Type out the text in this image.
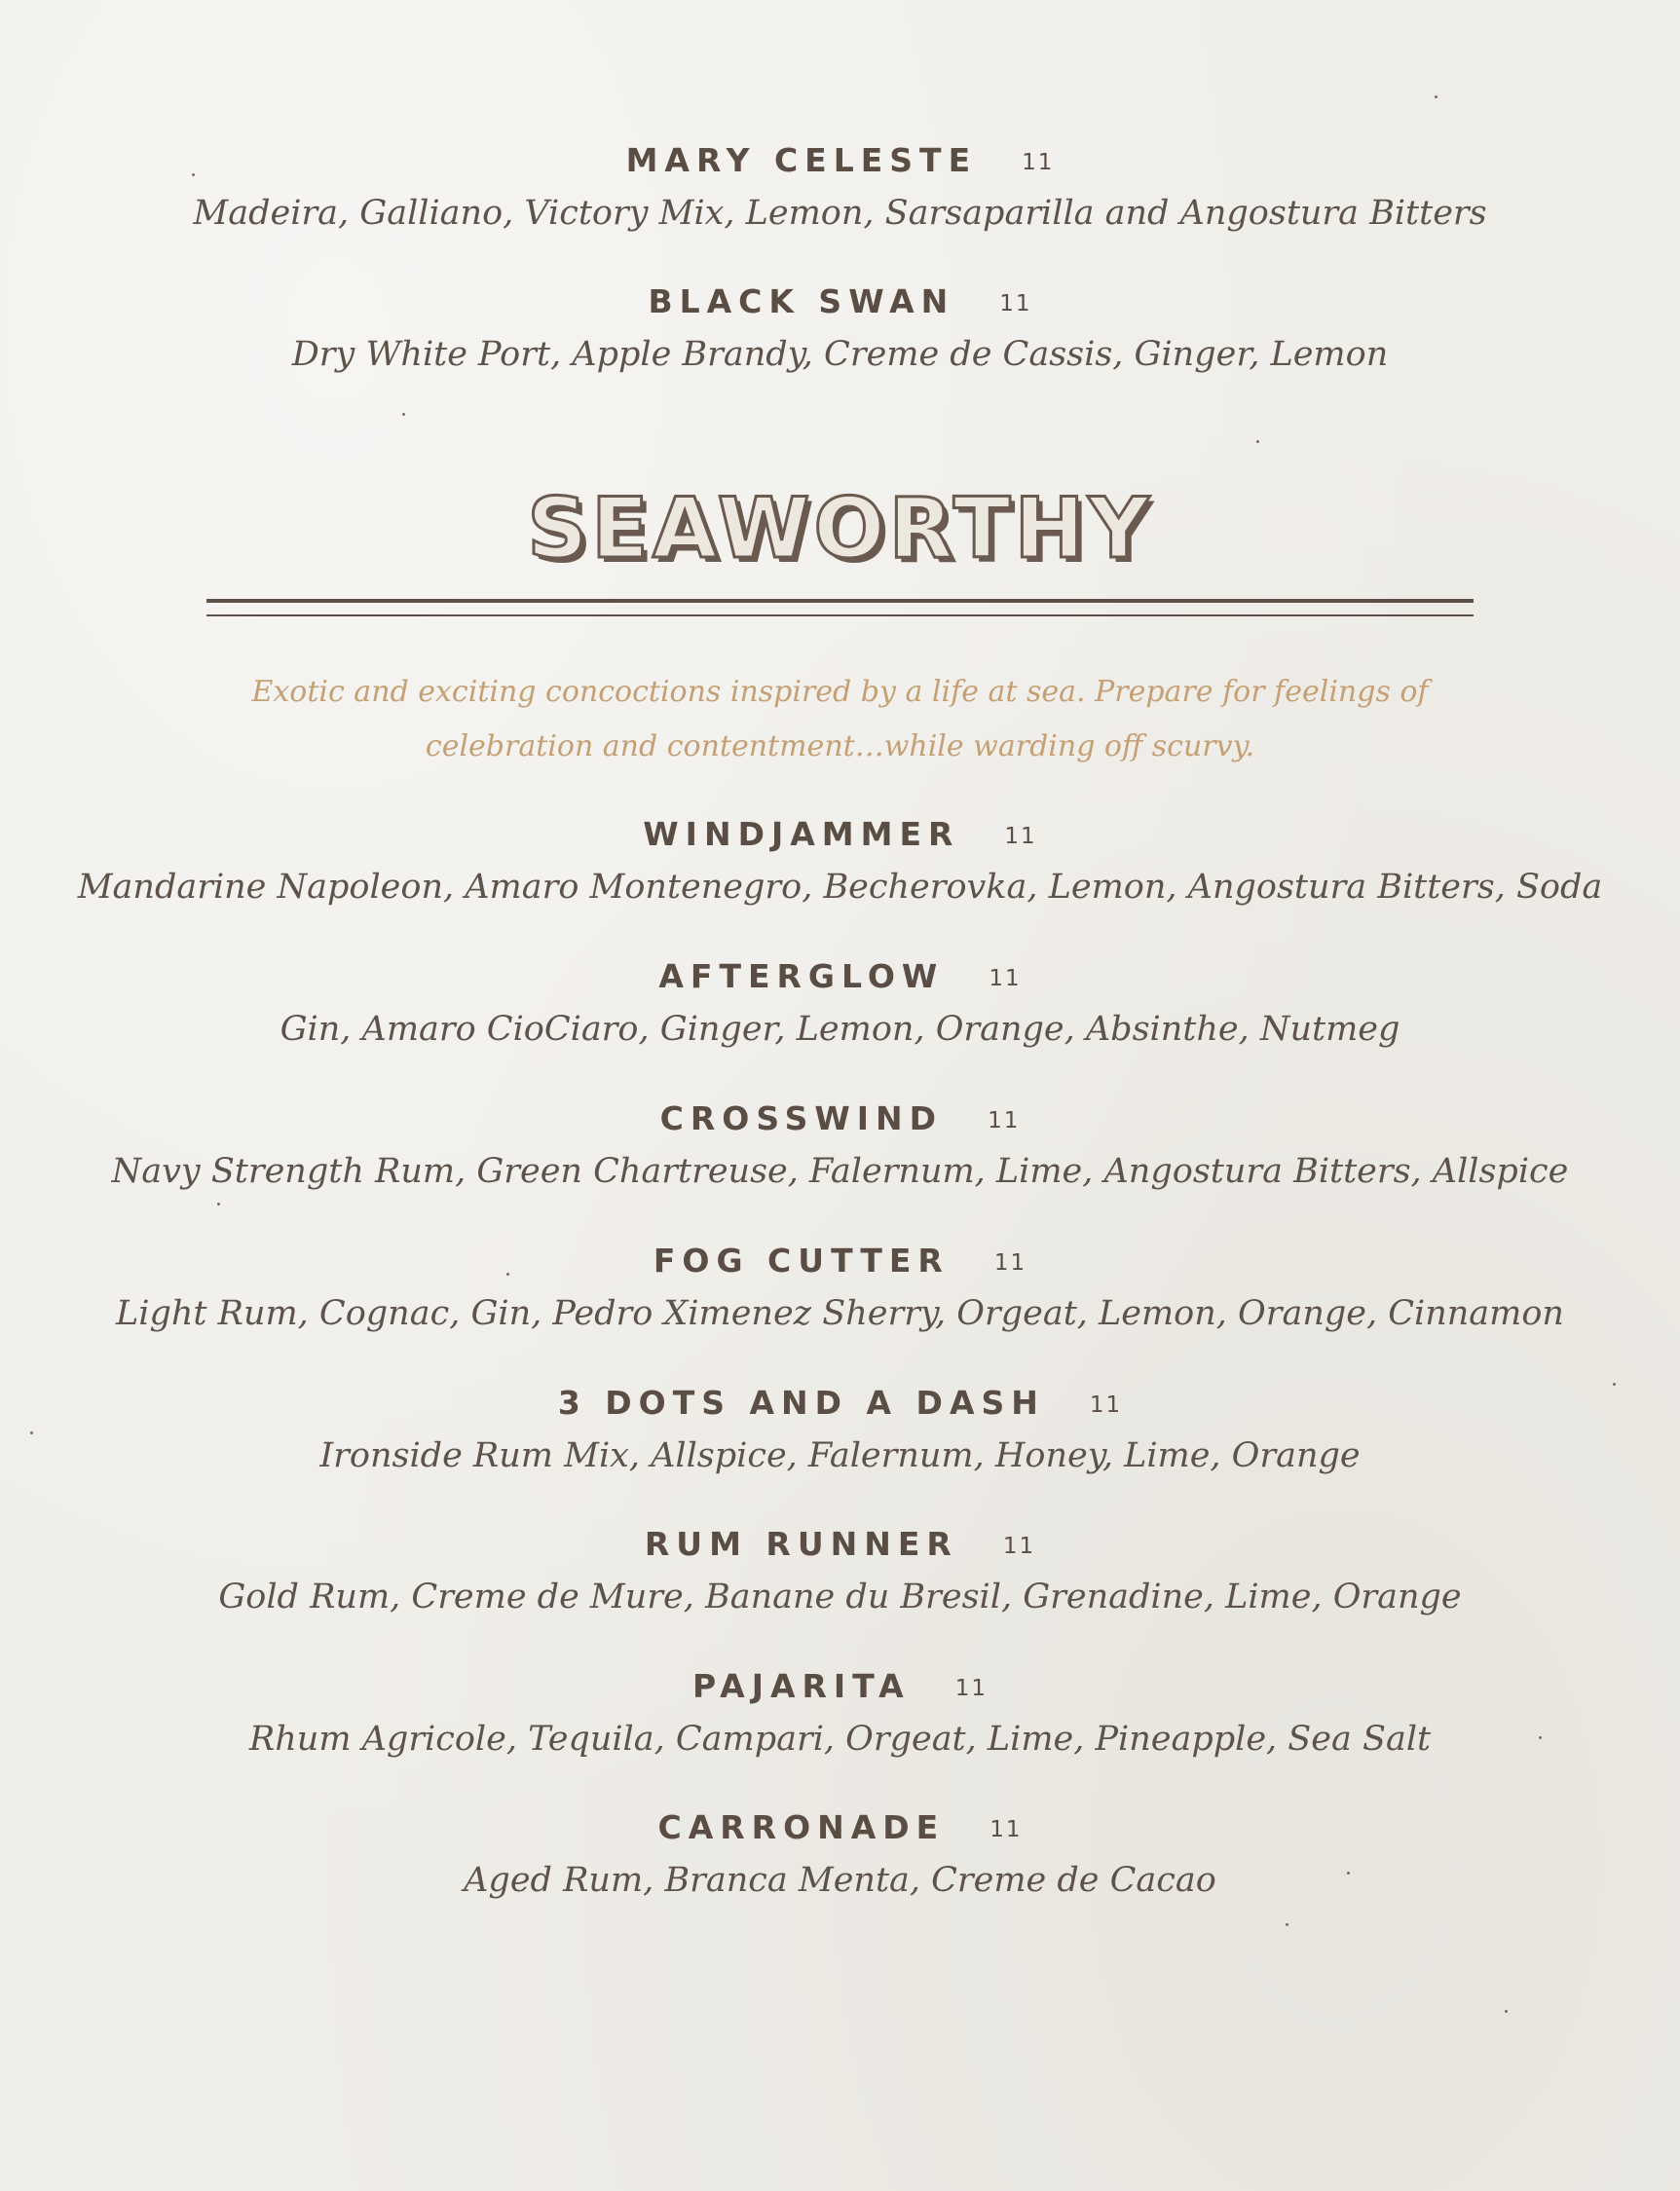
MARY CELESTE 11
Madeira, Galliano, Victory Mix, Lemon, Sarsaparilla and Angostura Bitters
BLACK SWAN 11
Dry White Port, Apple Brandy, Creme de Cassis, Ginger, Lemon
SEAWORTHY
Exotic and exciting concoctions inspired by a life at sea. Prepare for feelings of celebration and contentment…while warding off scurvy.
WINDJAMMER 11
Mandarine Napoleon, Amaro Montenegro, Becherovka, Lemon, Angostura Bitters, Soda
AFTERGLOW 11
Gin, Amaro CioCiaro, Ginger, Lemon, Orange, Absinthe, Nutmeg
CROSSWIND 11
Navy Strength Rum, Green Chartreuse, Falernum, Lime, Angostura Bitters, Allspice
FOG CUTTER 11
Light Rum, Cognac, Gin, Pedro Ximenez Sherry, Orgeat, Lemon, Orange, Cinnamon
3 DOTS AND A DASH 11
Ironside Rum Mix, Allspice, Falernum, Honey, Lime, Orange
RUM RUNNER 11
Gold Rum, Creme de Mure, Banane du Bresil, Grenadine, Lime, Orange
PAJARITA 11
Rhum Agricole, Tequila, Campari, Orgeat, Lime, Pineapple, Sea Salt
CARRONADE 11
Aged Rum, Branca Menta, Creme de Cacao
